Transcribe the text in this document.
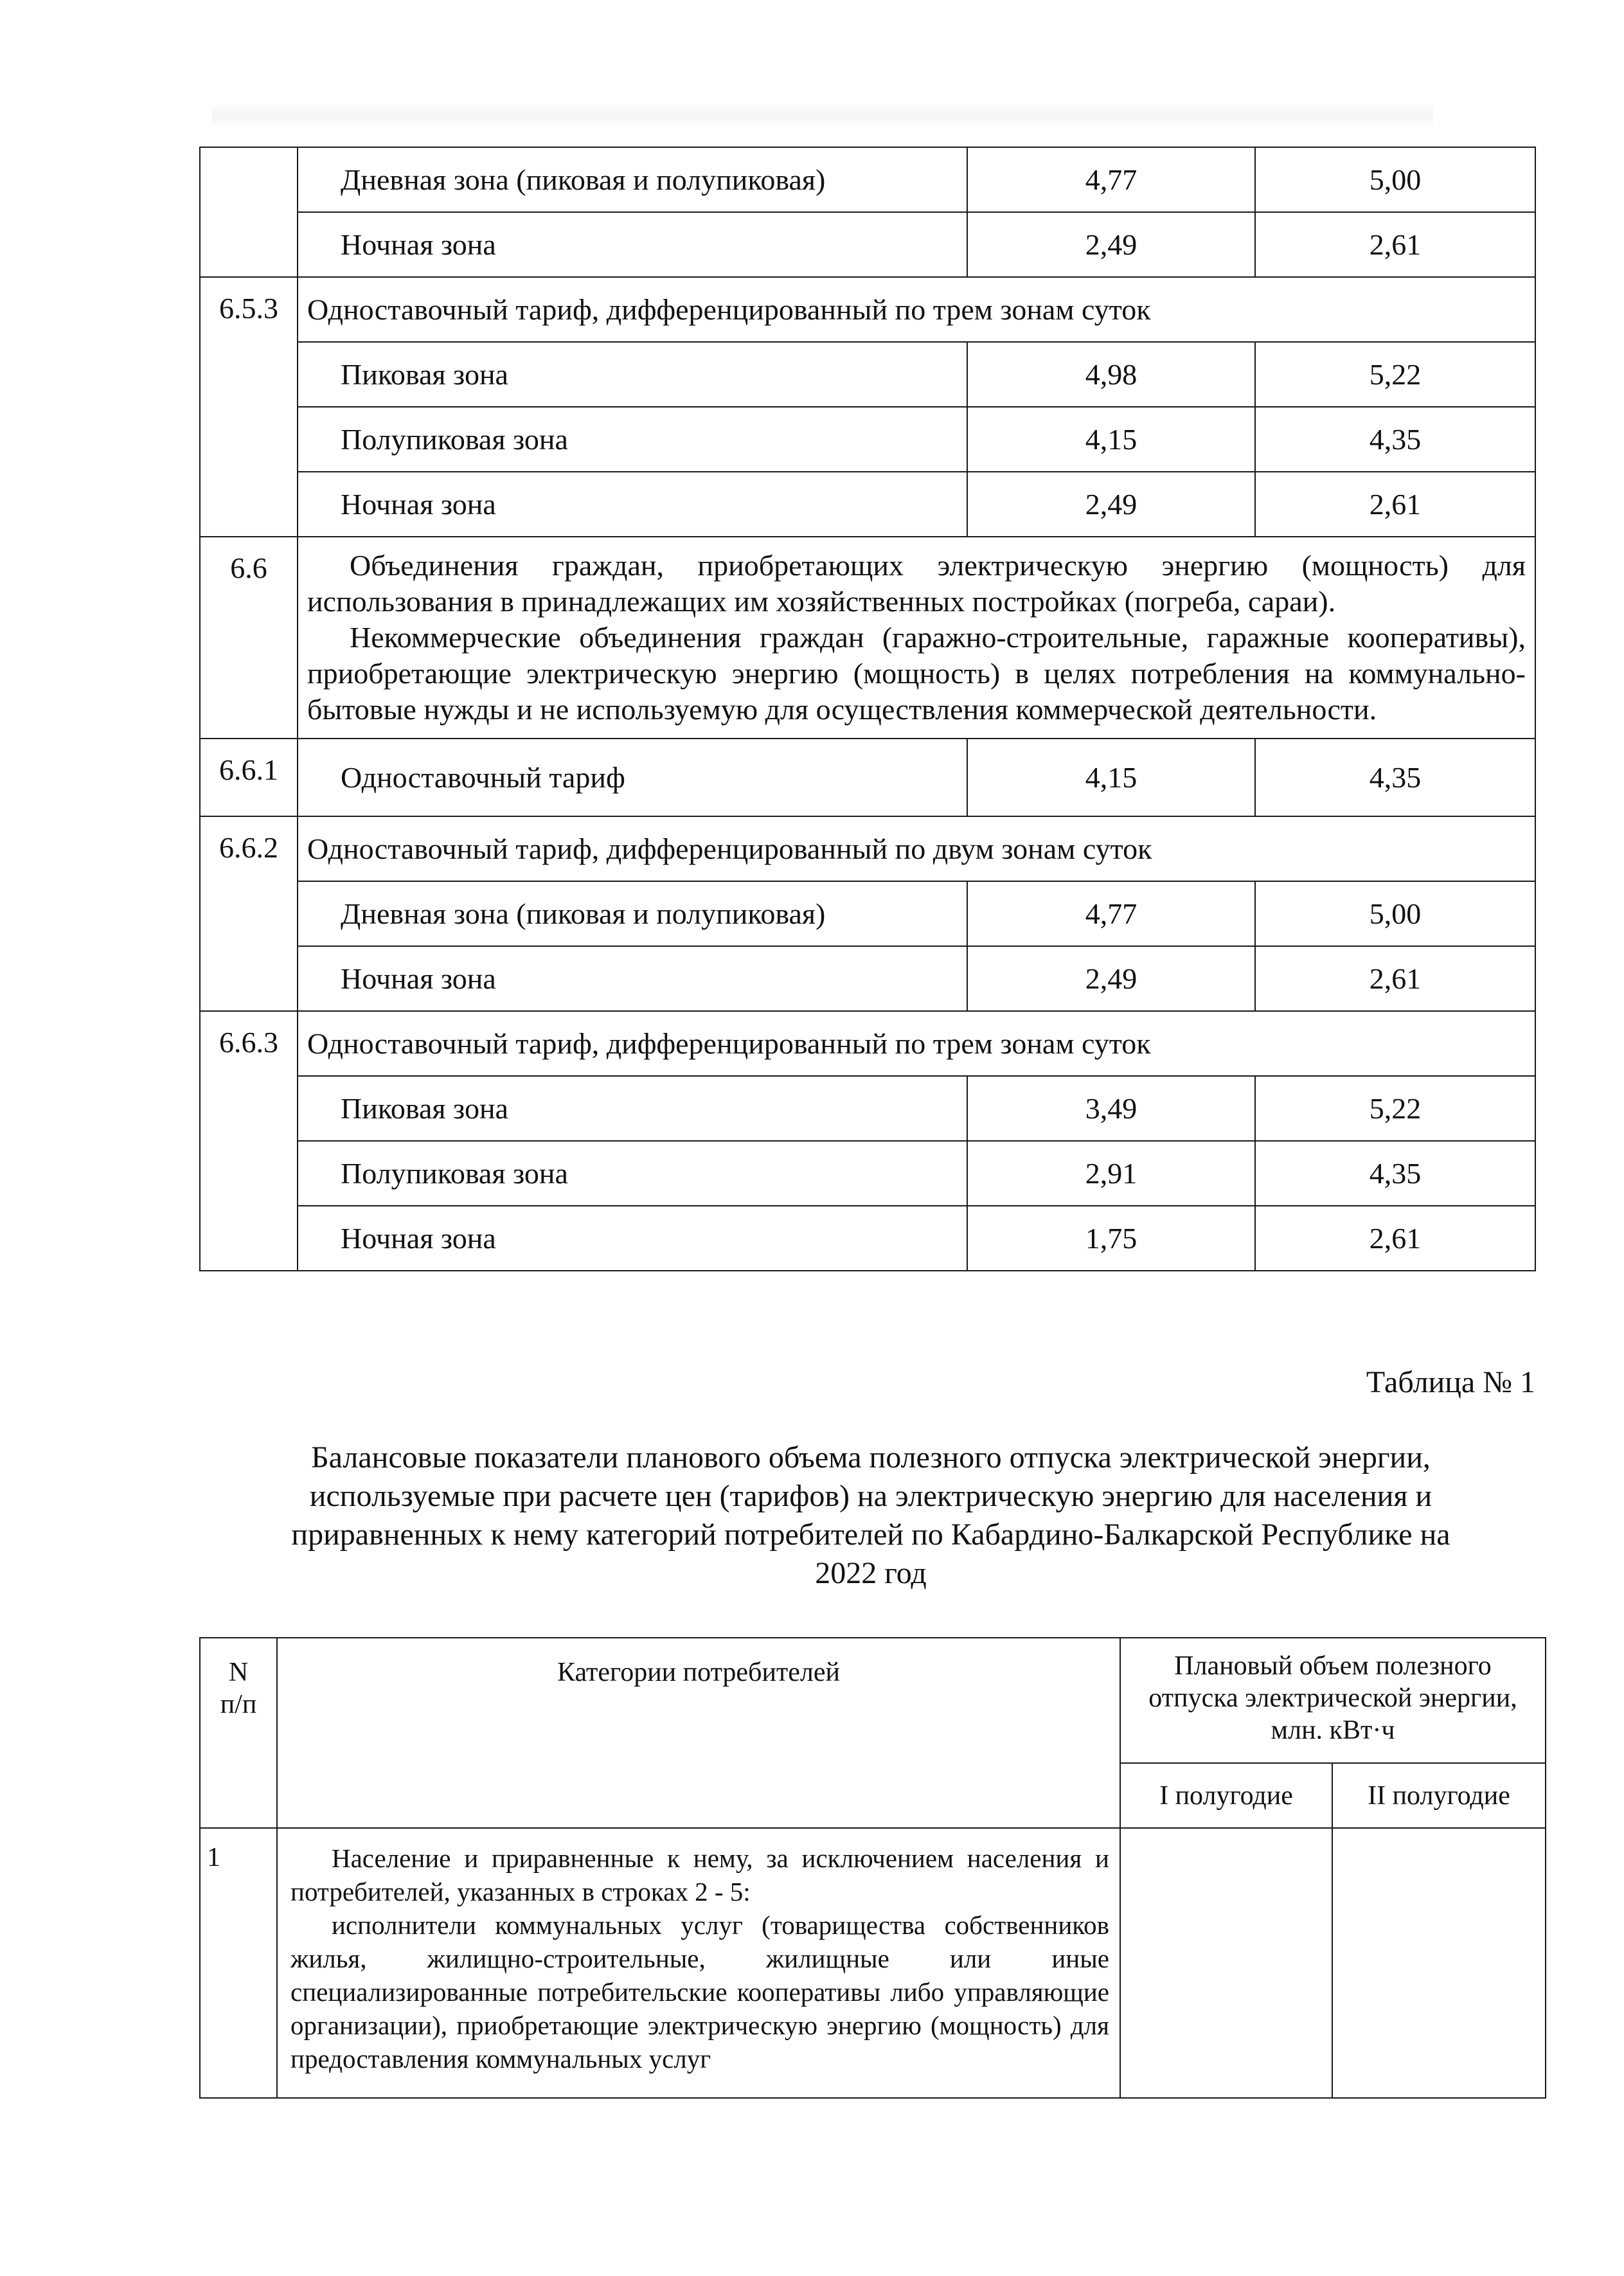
	Дневная зона (пиковая и полупиковая)	4,77	5,00
	Ночная зона	2,49	2,61
6.5.3	Одноставочный тариф, дифференцированный по трем зонам суток		
	Пиковая зона	4,98	5,22
	Полупиковая зона	4,15	4,35
	Ночная зона	2,49	2,61
6.6	Объединения граждан, приобретающих электрическую энергию (мощность) для использования в принадлежащих им хозяйственных постройках (погреба, сараи).

Некоммерческие объединения граждан (гаражно-строительные, гаражные кооперативы), приобретающие электрическую энергию (мощность) в целях потребления на коммунально-бытовые нужды и не используемую для осуществления коммерческой деятельности.		

6.6.1	Одноставочный тариф	4,15	4,35
6.6.2	Одноставочный тариф, дифференцированный по двум зонам суток		
	Дневная зона (пиковая и полупиковая)	4,77	5,00
	Ночная зона	2,49	2,61
6.6.3	Одноставочный тариф, дифференцированный по трем зонам суток		
	Пиковая зона	3,49	5,22
	Полупиковая зона	2,91	4,35
	Ночная зона	1,75	2,61
Таблица № 1
Балансовые показатели планового объема полезного отпуска электрической энергии,
используемые при расчете цен (тарифов) на электрическую энергию для населения и
приравненных к нему категорий потребителей по Кабардино-Балкарской Республике на
2022 год
N
п/п	Категории потребителей	Плановый объем полезного отпуска электрической энергии, млн. кВт·ч	
		I полугодие	II полугодие
1	Население и приравненные к нему, за исключением населения и потребителей, указанных в строках 2 - 5:

исполнители коммунальных услуг (товарищества собственников жилья, жилищно-строительные, жилищные или иные специализированные потребительские кооперативы либо управляющие организации), приобретающие электрическую энергию (мощность) для предоставления коммунальных услуг		
